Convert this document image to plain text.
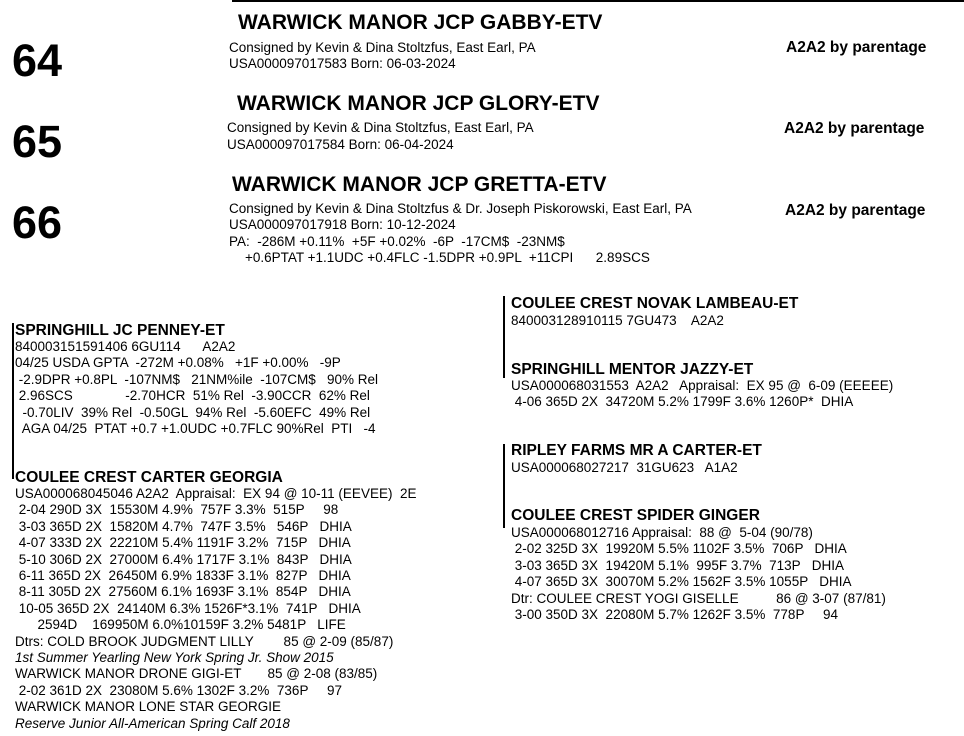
64
WARWICK MANOR JCP GABBY-ETV
Consigned by Kevin & Dina Stoltzfus, East Earl, PA
USA000097017583 Born: 06-03-2024
A2A2 by parentage
65
WARWICK MANOR JCP GLORY-ETV
Consigned by Kevin & Dina Stoltzfus, East Earl, PA
USA000097017584 Born: 06-04-2024
A2A2 by parentage
66
WARWICK MANOR JCP GRETTA-ETV
Consigned by Kevin & Dina Stoltzfus & Dr. Joseph Piskorowski, East Earl, PA
USA000097017918 Born: 10-12-2024
PA:  -286M +0.11%  +5F +0.02%  -6P  -17CM$  -23NM$
+0.6PTAT +1.1UDC +0.4FLC -1.5DPR +0.9PL  +11CPI      2.89SCS
A2A2 by parentage
SPRINGHILL JC PENNEY-ET
840003151591406 6GU114      A2A2
04/25 USDA GPTA  -272M +0.08%   +1F +0.00%   -9P
-2.9DPR +0.8PL  -107NM$   21NM%ile  -107CM$   90% Rel
2.96SCS              -2.70HCR  51% Rel  -3.90CCR  62% Rel
-0.70LIV  39% Rel  -0.50GL  94% Rel  -5.60EFC  49% Rel
AGA 04/25  PTAT +0.7 +1.0UDC +0.7FLC 90%Rel  PTI   -4
COULEE CREST CARTER GEORGIA
USA000068045046 A2A2  Appraisal:  EX 94 @ 10-11 (EEVEE)  2E
2-04 290D 3X  15530M 4.9%  757F 3.3%  515P     98
3-03 365D 2X  15820M 4.7%  747F 3.5%   546P   DHIA
4-07 333D 2X  22210M 5.4% 1191F 3.2%  715P   DHIA
5-10 306D 2X  27000M 6.4% 1717F 3.1%  843P   DHIA
6-11 365D 2X  26450M 6.9% 1833F 3.1%  827P   DHIA
8-11 305D 2X  27560M 6.1% 1693F 3.1%  854P   DHIA
10-05 365D 2X  24140M 6.3% 1526F*3.1%  741P   DHIA
2594D    169950M 6.0%10159F 3.2% 5481P   LIFE
Dtrs: COLD BROOK JUDGMENT LILLY        85 @ 2-09 (85/87)
1st Summer Yearling New York Spring Jr. Show 2015
WARWICK MANOR DRONE GIGI-ET       85 @ 2-08 (83/85)
2-02 361D 2X  23080M 5.6% 1302F 3.2%  736P     97
WARWICK MANOR LONE STAR GEORGIE
Reserve Junior All-American Spring Calf 2018
COULEE CREST NOVAK LAMBEAU-ET
840003128910115 7GU473    A2A2
SPRINGHILL MENTOR JAZZY-ET
USA000068031553  A2A2   Appraisal:  EX 95 @  6-09 (EEEEE)
4-06 365D 2X  34720M 5.2% 1799F 3.6% 1260P*  DHIA
RIPLEY FARMS MR A CARTER-ET
USA000068027217  31GU623   A1A2
COULEE CREST SPIDER GINGER
USA000068012716 Appraisal:  88 @  5-04 (90/78)
2-02 325D 3X  19920M 5.5% 1102F 3.5%  706P   DHIA
3-03 365D 3X  19420M 5.1%  995F 3.7%  713P   DHIA
4-07 365D 3X  30070M 5.2% 1562F 3.5% 1055P   DHIA
Dtr: COULEE CREST YOGI GISELLE          86 @ 3-07 (87/81)
3-00 350D 3X  22080M 5.7% 1262F 3.5%  778P     94
